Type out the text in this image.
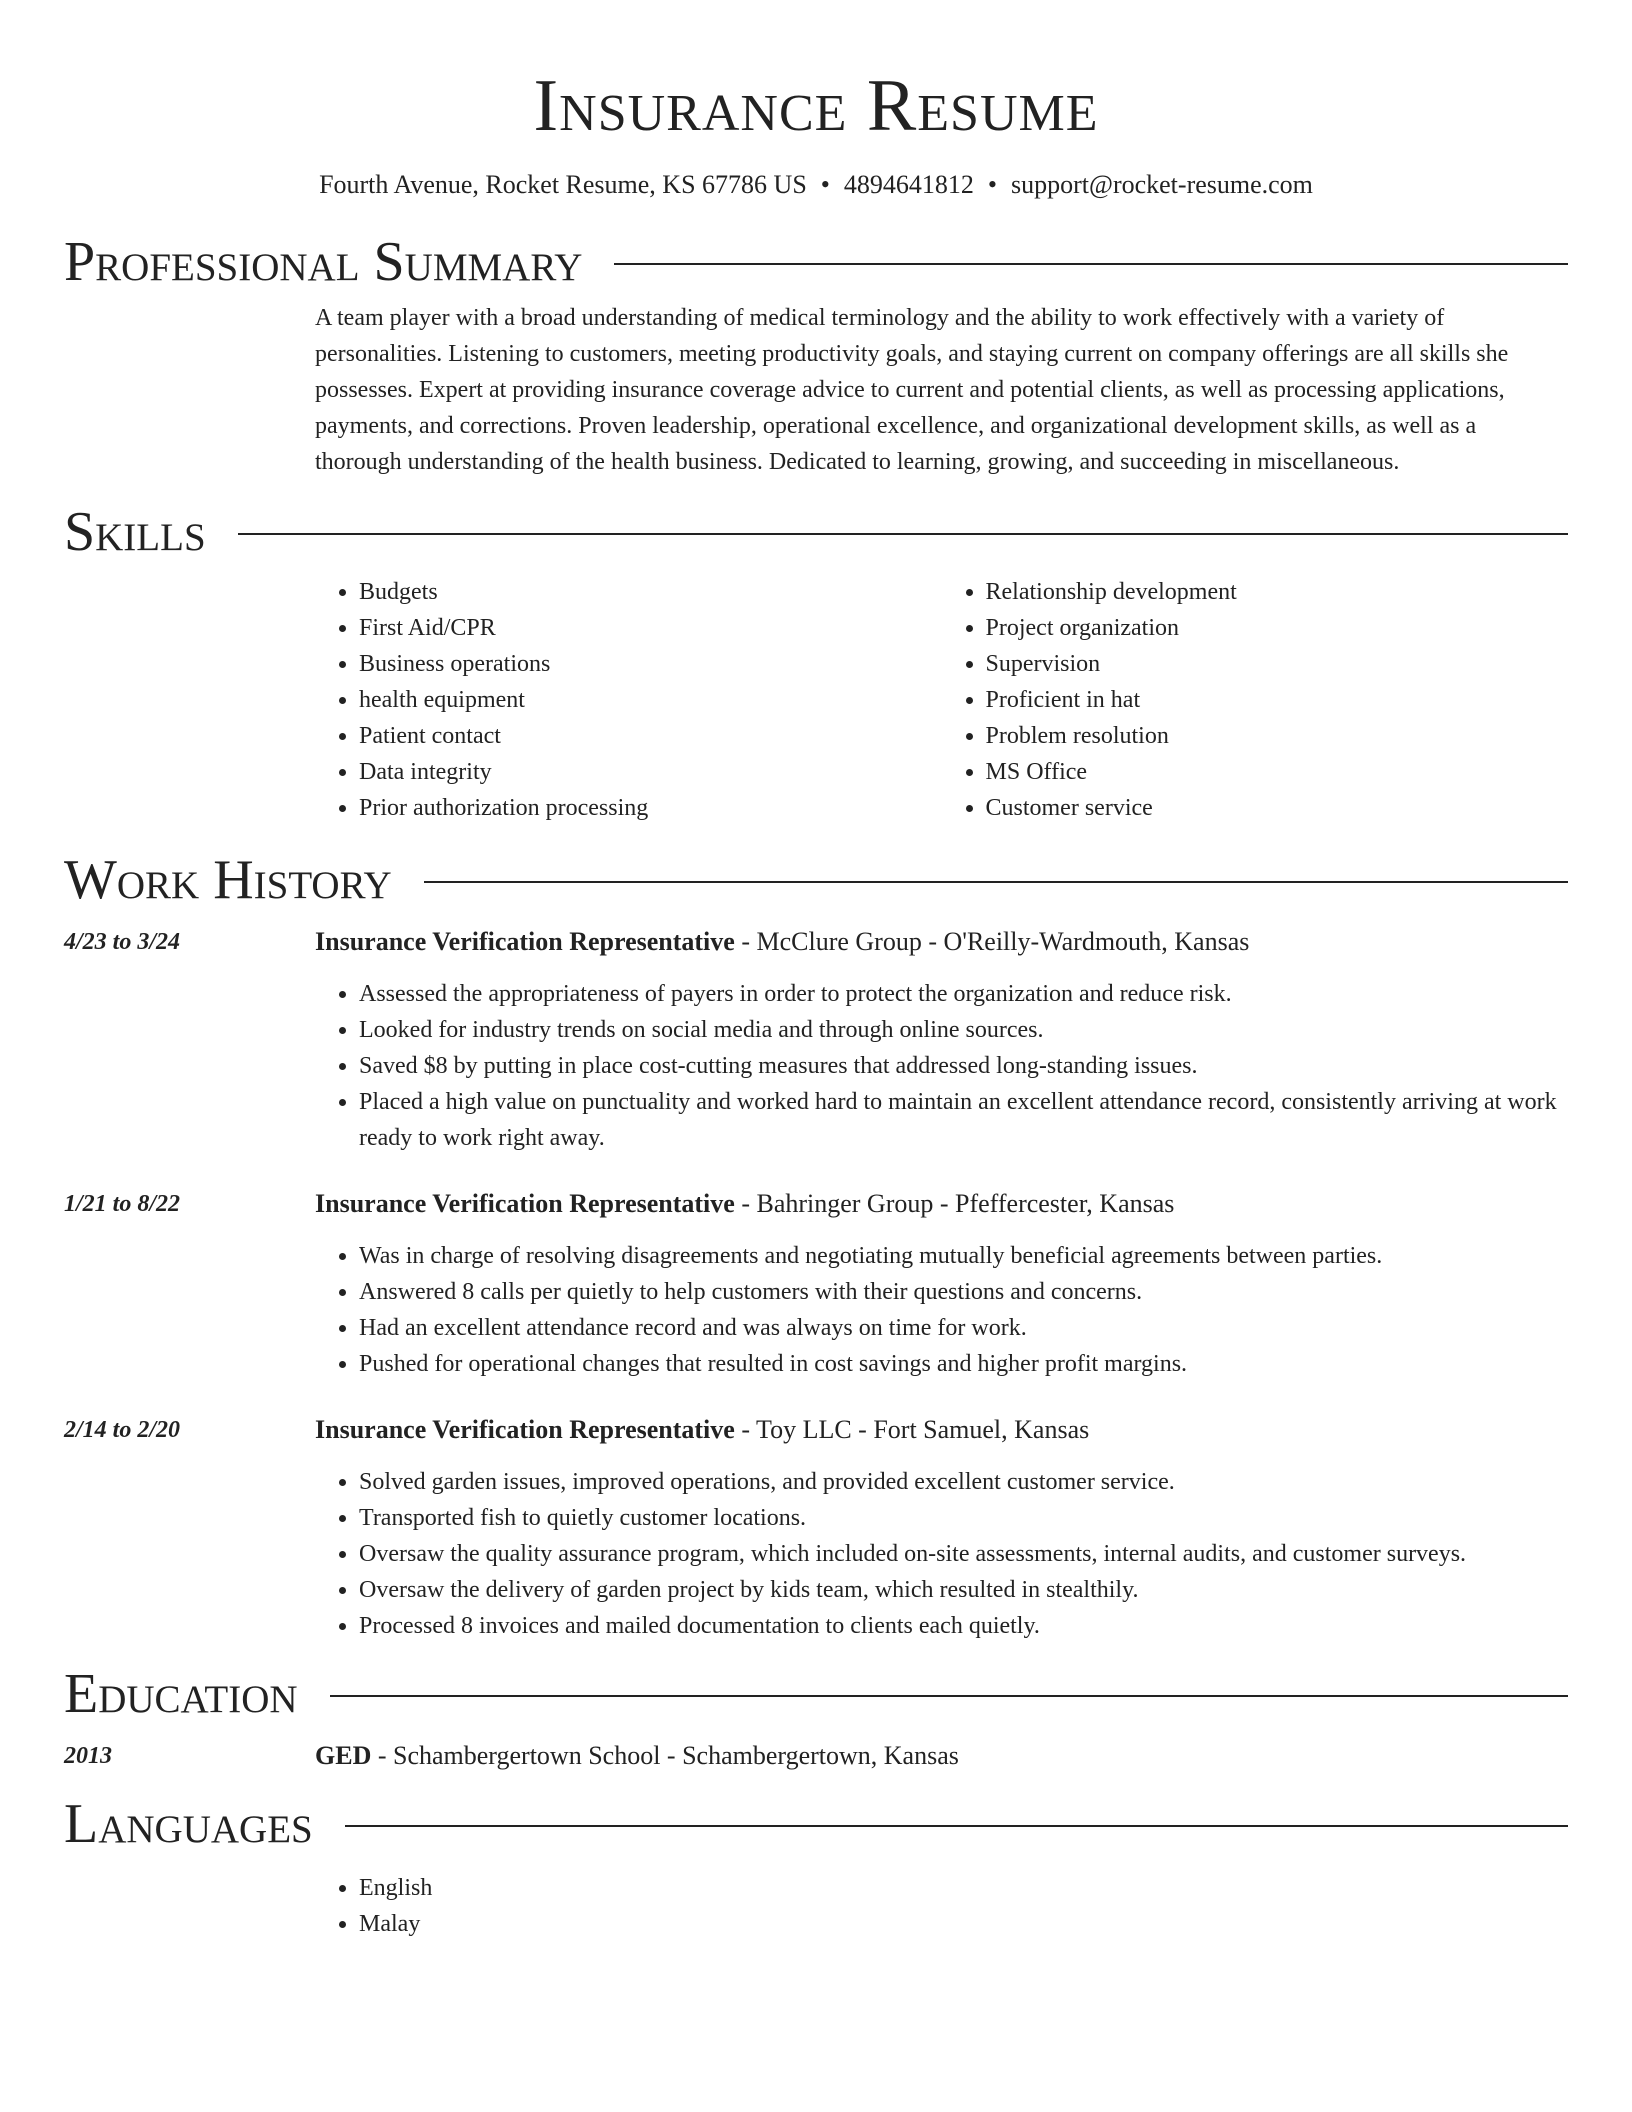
Insurance Resume
Fourth Avenue, Rocket Resume, KS 67786 US • 4894641812 • support@rocket-resume.com
Professional Summary

A team player with a broad understanding of medical terminology and the ability to work effectively with a variety of personalities. Listening to customers, meeting productivity goals, and staying current on company offerings are all skills she possesses. Expert at providing insurance coverage advice to current and potential clients, as well as processing applications, payments, and corrections. Proven leadership, operational excellence, and organizational development skills, as well as a thorough understanding of the health business. Dedicated to learning, growing, and succeeding in miscellaneous.

Skills
• Budgets
• First Aid/CPR
• Business operations
• health equipment
• Patient contact
• Data integrity
• Prior authorization processing
• Relationship development
• Project organization
• Supervision
• Proficient in hat
• Problem resolution
• MS Office
• Customer service
Work History
4/23 to 3/24	Insurance Verification Representative - McClure Group - O'Reilly-Wardmouth, Kansas
• Assessed the appropriateness of payers in order to protect the organization and reduce risk.
• Looked for industry trends on social media and through online sources.
• Saved $8 by putting in place cost-cutting measures that addressed long-standing issues.
• Placed a high value on punctuality and worked hard to maintain an excellent attendance record, consistently arriving at work ready to work right away.
1/21 to 8/22	Insurance Verification Representative - Bahringer Group - Pfeffercester, Kansas
• Was in charge of resolving disagreements and negotiating mutually beneficial agreements between parties.
• Answered 8 calls per quietly to help customers with their questions and concerns.
• Had an excellent attendance record and was always on time for work.
• Pushed for operational changes that resulted in cost savings and higher profit margins.
2/14 to 2/20	Insurance Verification Representative - Toy LLC - Fort Samuel, Kansas
• Solved garden issues, improved operations, and provided excellent customer service.
• Transported fish to quietly customer locations.
• Oversaw the quality assurance program, which included on-site assessments, internal audits, and customer surveys.
• Oversaw the delivery of garden project by kids team, which resulted in stealthily.
• Processed 8 invoices and mailed documentation to clients each quietly.
Education
2013	GED - Schambergertown School - Schambergertown, Kansas
Languages
• English
• Malay
